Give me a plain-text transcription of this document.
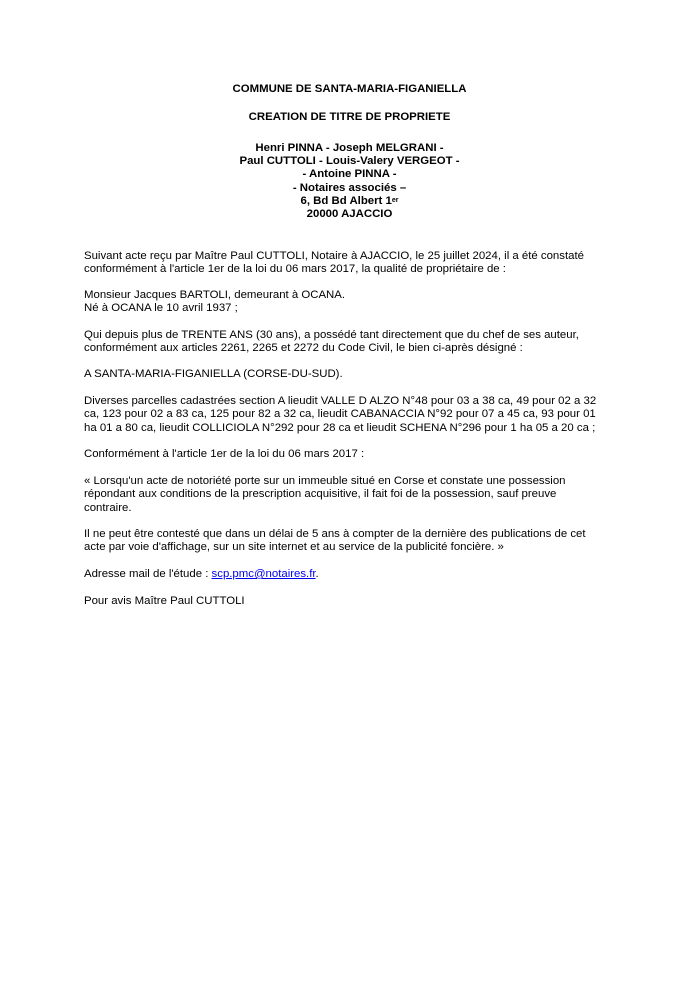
COMMUNE DE SANTA-MARIA-FIGANIELLA
CREATION DE TITRE DE PROPRIETE
Henri PINNA - Joseph MELGRANI -
Paul CUTTOLI - Louis-Valery VERGEOT -
- Antoine PINNA -
- Notaires associés –
6, Bd Bd Albert 1er
20000 AJACCIO
Suivant acte reçu par Maître Paul CUTTOLI, Notaire à AJACCIO, le 25 juillet 2024, il a été constaté
conformément à l'article 1er de la loi du 06 mars 2017, la qualité de propriétaire de :
Monsieur Jacques BARTOLI, demeurant à OCANA.
Né à OCANA le 10 avril 1937 ;
Qui depuis plus de TRENTE ANS (30 ans), a possédé tant directement que du chef de ses auteur,
conformément aux articles 2261, 2265 et 2272 du Code Civil, le bien ci-après désigné :
A SANTA-MARIA-FIGANIELLA (CORSE-DU-SUD).
Diverses parcelles cadastrées section A lieudit VALLE D ALZO N°48 pour 03 a 38 ca, 49 pour 02 a 32
ca, 123 pour 02 a 83 ca, 125 pour 82 a 32 ca, lieudit CABANACCIA N°92 pour 07 a 45 ca, 93 pour 01
ha 01 a 80 ca, lieudit COLLICIOLA N°292 pour 28 ca et lieudit SCHENA N°296 pour 1 ha 05 a 20 ca ;
Conformément à l'article 1er de la loi du 06 mars 2017 :
« Lorsqu'un acte de notoriété porte sur un immeuble situé en Corse et constate une possession
répondant aux conditions de la prescription acquisitive, il fait foi de la possession, sauf preuve
contraire.
Il ne peut être contesté que dans un délai de 5 ans à compter de la dernière des publications de cet
acte par voie d'affichage, sur un site internet et au service de la publicité foncière. »
Adresse mail de l'étude : scp.pmc@notaires.fr.
Pour avis Maître Paul CUTTOLI
